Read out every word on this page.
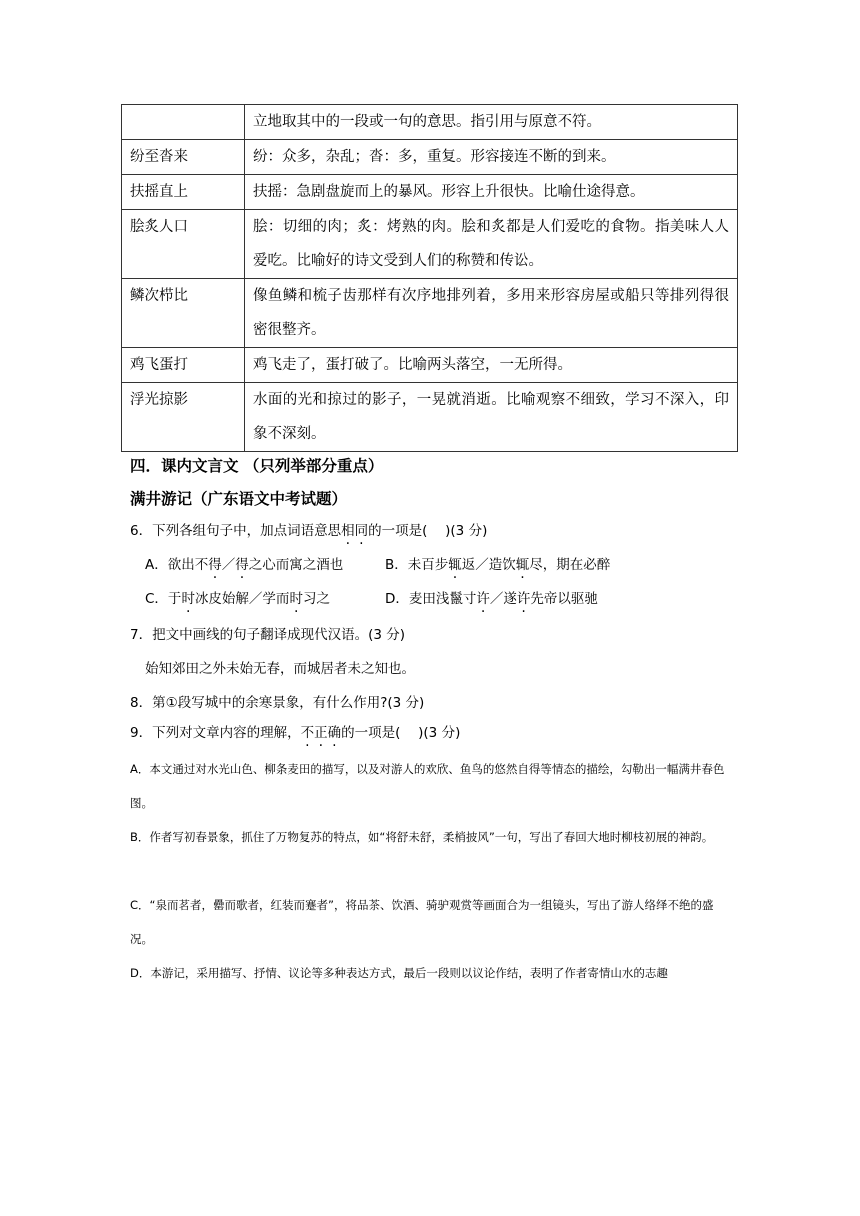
	立地取其中的一段或一句的意思。指引用与原意不符。
纷至沓来	纷：众多，杂乱；沓：多，重复。形容接连不断的到来。
扶摇直上	扶摇：急剧盘旋而上的暴风。形容上升很快。比喻仕途得意。
脍炙人口	脍：切细的肉；炙：烤熟的肉。脍和炙都是人们爱吃的食物。指美味人人爱吃。比喻好的诗文受到人们的称赞和传讼。
鳞次栉比	像鱼鳞和梳子齿那样有次序地排列着，多用来形容房屋或船只等排列得很密很整齐。
鸡飞蛋打	鸡飞走了，蛋打破了。比喻两头落空，一无所得。
浮光掠影	水面的光和掠过的影子，一晃就消逝。比喻观察不细致，学习不深入，印象不深刻。
四．课内文言文 （只列举部分重点）
满井游记（广东语文中考试题）
6．下列各组句子中，加点词语意思相同的一项是(　 )(3 分)
A．欲出不得／得之心而寓之酒也	B．未百步辄返／造饮辄尽，期在必醉
C．于时冰皮始解／学而时习之	D．麦田浅鬣寸许／遂许先帝以驱驰
7．把文中画线的句子翻译成现代汉语。(3 分)
始知郊田之外未始无春，而城居者未之知也。
8．第①段写城中的余寒景象，有什么作用?(3 分)
9．下列对文章内容的理解，不正确的一项是(　 )(3 分)
A．本文通过对水光山色、柳条麦田的描写，以及对游人的欢欣、鱼鸟的悠然自得等情态的描绘，勾勒出一幅满井春色图。
B．作者写初春景象，抓住了万物复苏的特点，如“将舒未舒，柔梢披风”一句，写出了春回大地时柳枝初展的神韵。
C．“泉而茗者，罍而歌者，红装而蹇者”，将品茶、饮酒、骑驴观赏等画面合为一组镜头，写出了游人络绎不绝的盛况。
D．本游记，采用描写、抒情、议论等多种表达方式，最后一段则以议论作结，表明了作者寄情山水的志趣
